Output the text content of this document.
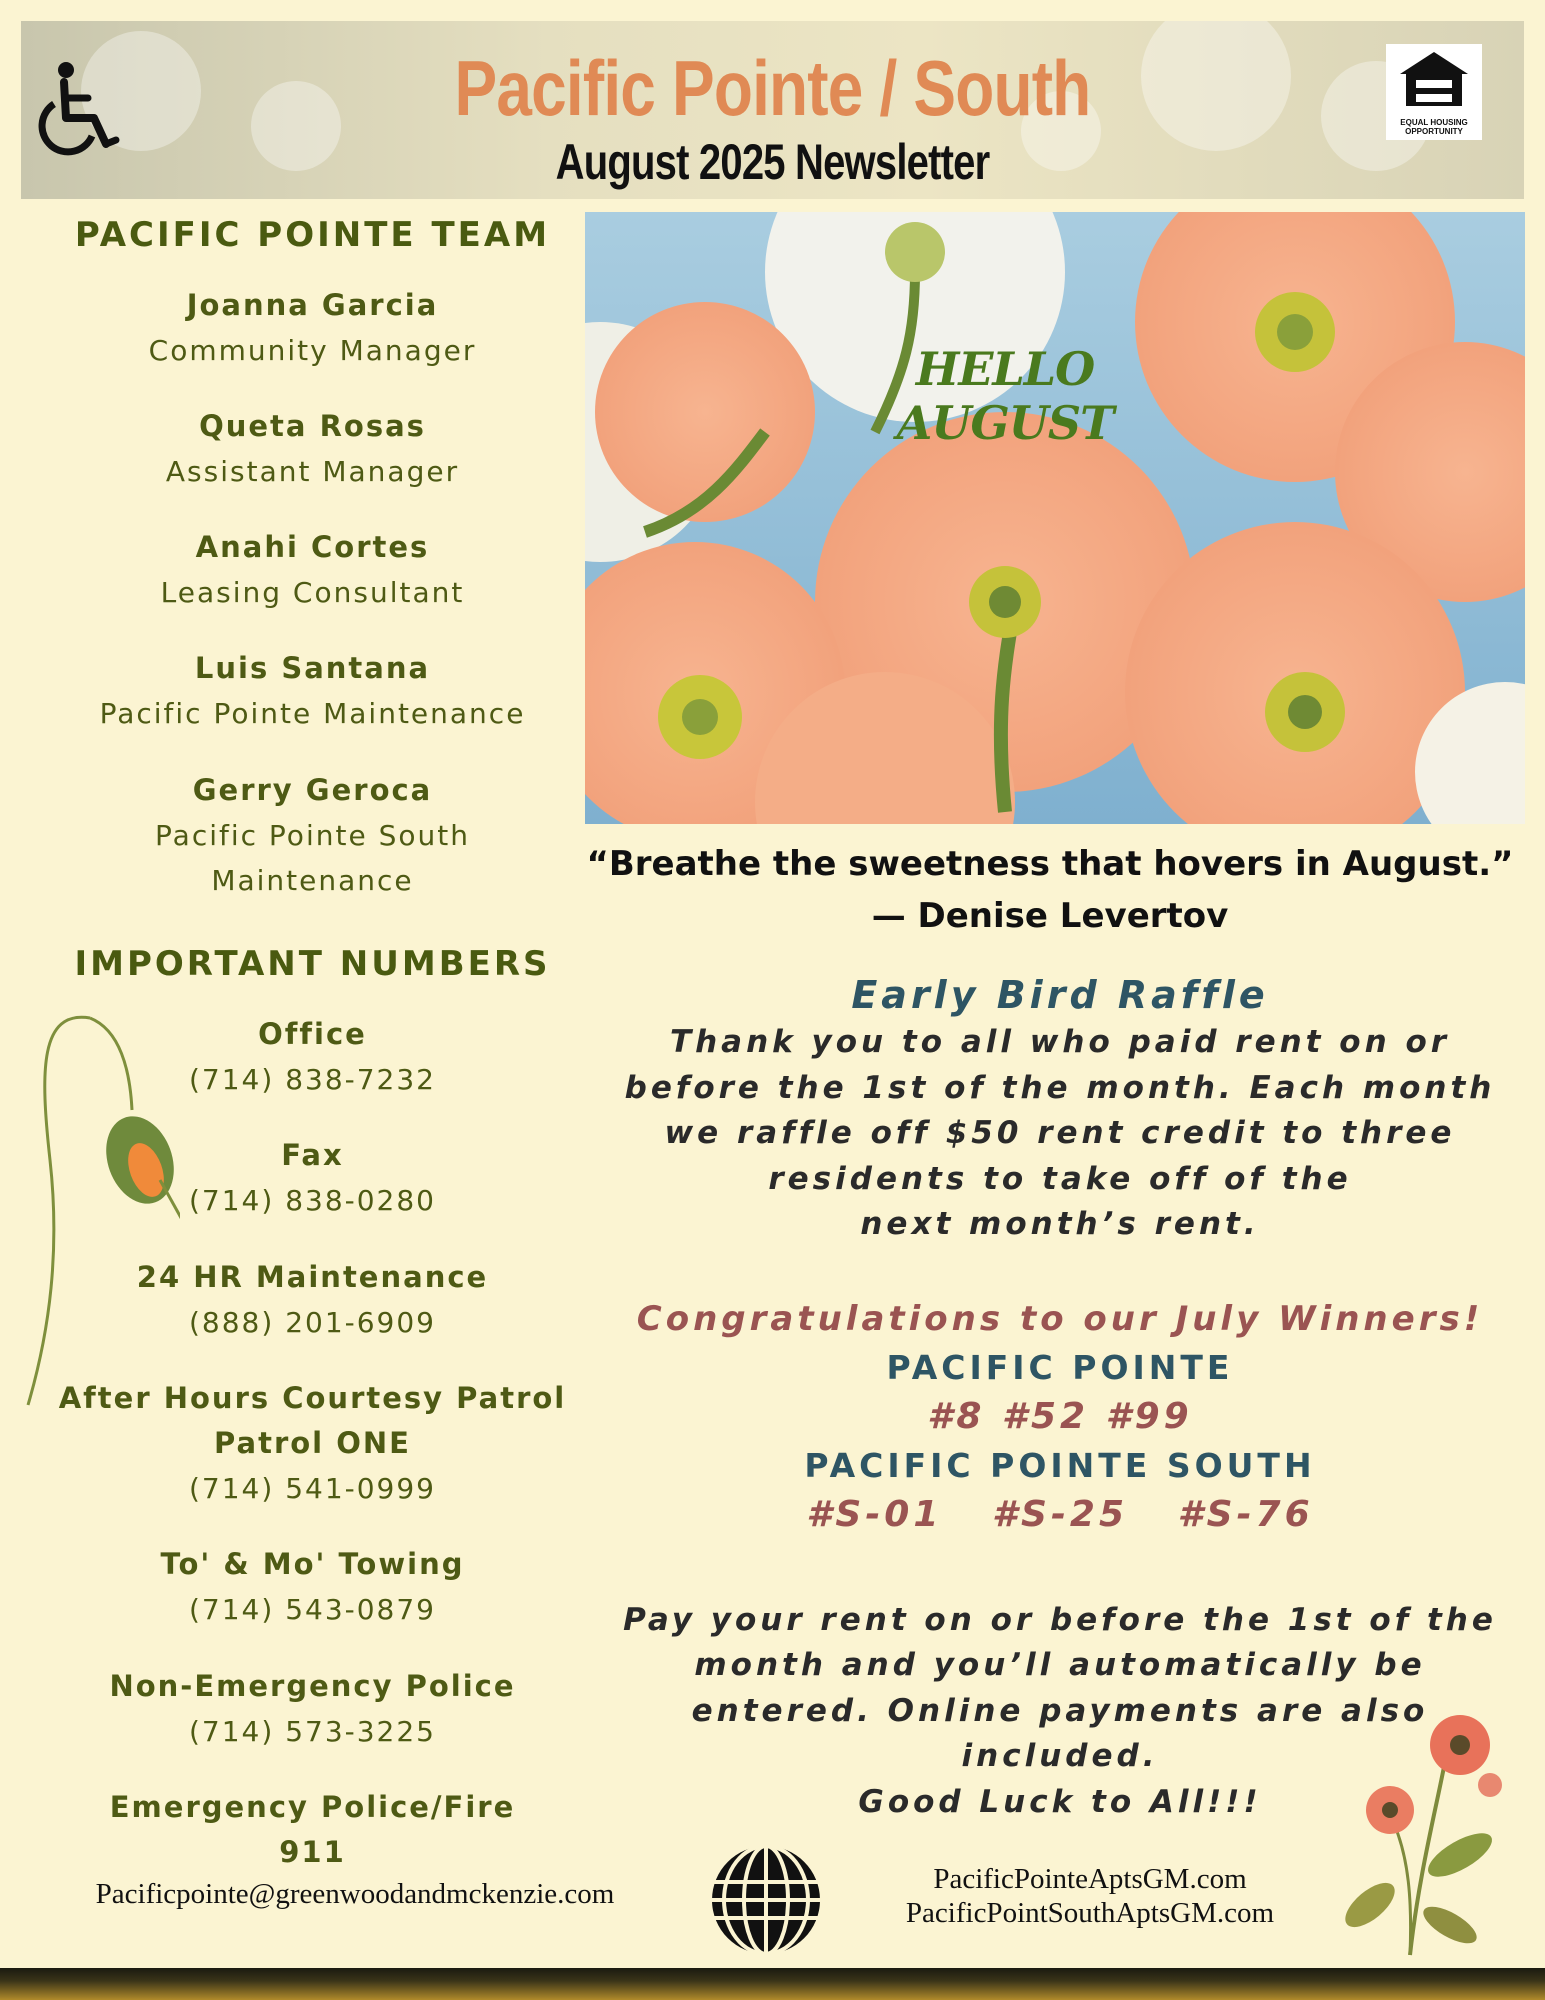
Pacific Pointe / South
August 2025 Newsletter
EQUAL HOUSING OPPORTUNITY
PACIFIC POINTE TEAM
Joanna Garcia
Community Manager
Queta Rosas
Assistant Manager
Anahi Cortes
Leasing Consultant
Luis Santana
Pacific Pointe Maintenance
Gerry Geroca
Pacific Pointe South
Maintenance
IMPORTANT NUMBERS
Office
(714) 838-7232
Fax
(714) 838-0280
24 HR Maintenance
(888) 201-6909
After Hours Courtesy Patrol
Patrol ONE
(714) 541-0999
To' & Mo' Towing
(714) 543-0879
Non-Emergency Police
(714) 573-3225
Emergency Police/Fire
911
HELLO AUGUST
“Breathe the sweetness that hovers in August.”
— Denise Levertov
Early Bird Raffle
Thank you to all who paid rent on or
before the 1st of the month. Each month
we raffle off $50 rent credit to three
residents to take off of the
next month’s rent.
Congratulations to our July Winners!
PACIFIC POINTE
#8 #52 #99
PACIFIC POINTE SOUTH
#S-01   #S-25   #S-76
Pay your rent on or before the 1st of the
month and you’ll automatically be
entered. Online payments are also
included.
Good Luck to All!!!
Pacificpointe@greenwoodandmckenzie.com	PacificPointeAptsGM.com
PacificPointSouthAptsGM.com
